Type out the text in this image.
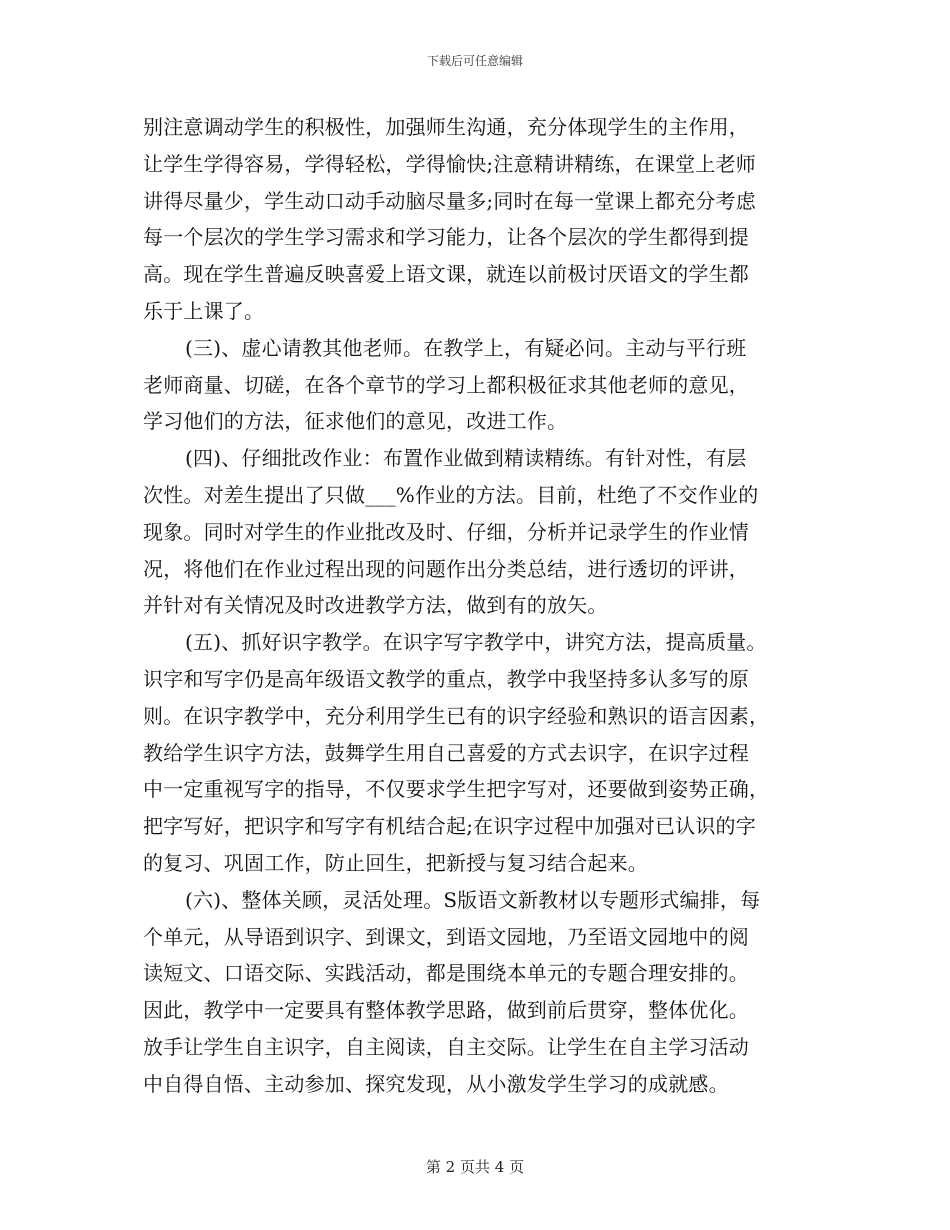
下载后可任意编辑
别注意调动学生的积极性，加强师生沟通，充分体现学生的主作用，
让学生学得容易，学得轻松，学得愉快;注意精讲精练，在课堂上老师
讲得尽量少，学生动口动手动脑尽量多;同时在每一堂课上都充分考虑
每一个层次的学生学习需求和学习能力，让各个层次的学生都得到提
高。现在学生普遍反映喜爱上语文课，就连以前极讨厌语文的学生都
乐于上课了。
(三)、虚心请教其他老师。在教学上，有疑必问。主动与平行班
老师商量、切磋，在各个章节的学习上都积极征求其他老师的意见，
学习他们的方法，征求他们的意见，改进工作。
(四)、仔细批改作业：布置作业做到精读精练。有针对性，有层
次性。对差生提出了只做___%作业的方法。目前，杜绝了不交作业的
现象。同时对学生的作业批改及时、仔细，分析并记录学生的作业情
况，将他们在作业过程出现的问题作出分类总结，进行透切的评讲，
并针对有关情况及时改进教学方法，做到有的放矢。
(五)、抓好识字教学。在识字写字教学中，讲究方法，提高质量。
识字和写字仍是高年级语文教学的重点，教学中我坚持多认多写的原
则。在识字教学中，充分利用学生已有的识字经验和熟识的语言因素，
教给学生识字方法，鼓舞学生用自己喜爱的方式去识字，在识字过程
中一定重视写字的指导，不仅要求学生把字写对，还要做到姿势正确，
把字写好，把识字和写字有机结合起;在识字过程中加强对已认识的字
的复习、巩固工作，防止回生，把新授与复习结合起来。
(六)、整体关顾，灵活处理。S版语文新教材以专题形式编排，每
个单元，从导语到识字、到课文，到语文园地，乃至语文园地中的阅
读短文、口语交际、实践活动，都是围绕本单元的专题合理安排的。
因此，教学中一定要具有整体教学思路，做到前后贯穿，整体优化。
放手让学生自主识字，自主阅读，自主交际。让学生在自主学习活动
中自得自悟、主动参加、探究发现，从小激发学生学习的成就感。
第 2 页共 4 页
